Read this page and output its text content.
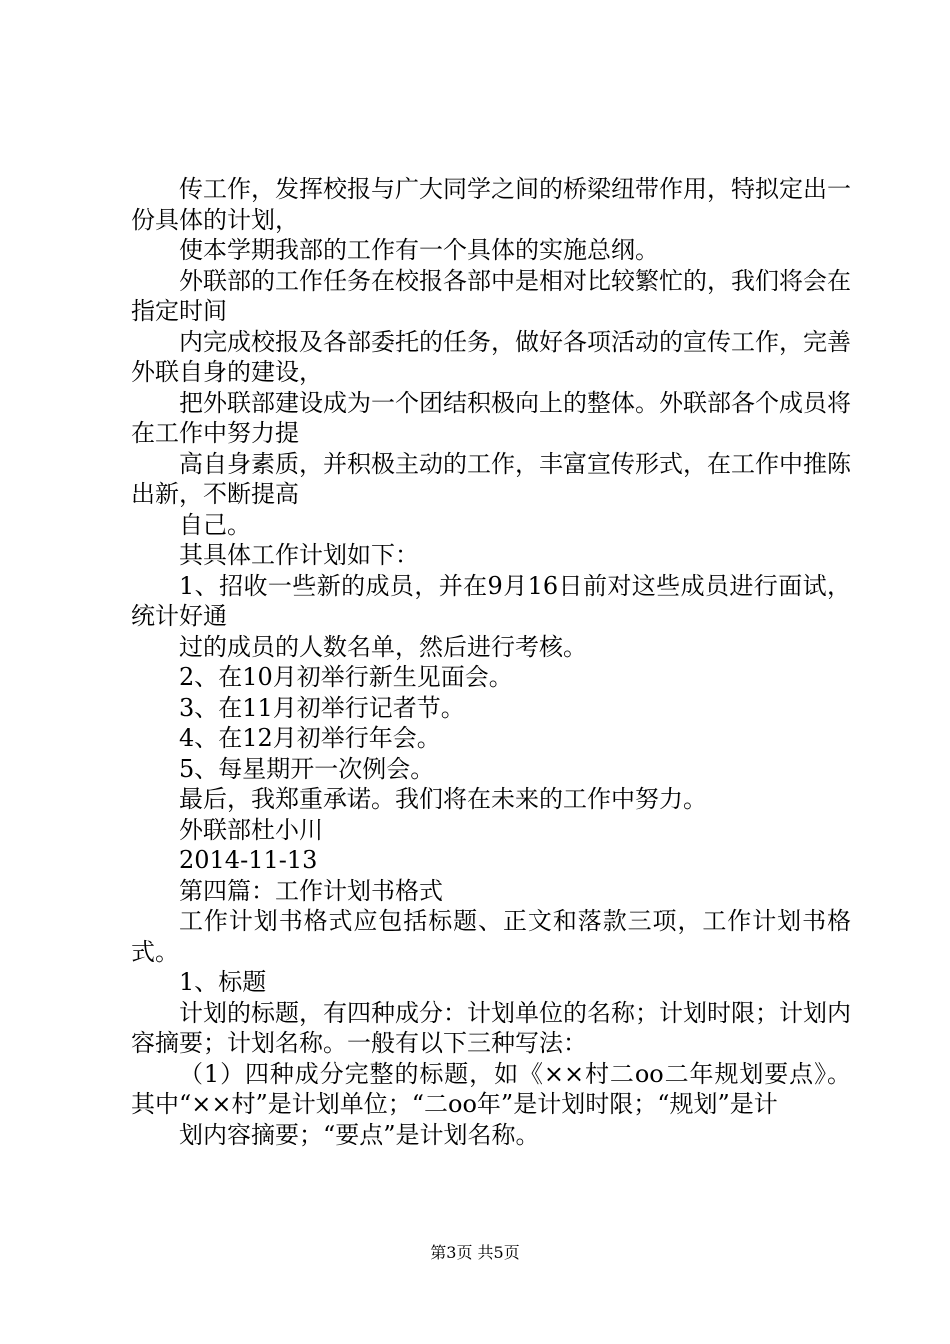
传工作，发挥校报与广大同学之间的桥梁纽带作用，特拟定出一份具体的计划，

使本学期我部的工作有一个具体的实施总纲。

外联部的工作任务在校报各部中是相对比较繁忙的，我们将会在指定时间

内完成校报及各部委托的任务，做好各项活动的宣传工作，完善外联自身的建设，

把外联部建设成为一个团结积极向上的整体。外联部各个成员将在工作中努力提

高自身素质，并积极主动的工作，丰富宣传形式，在工作中推陈出新，不断提高

自己。

其具体工作计划如下：

1、招收一些新的成员，并在9月16日前对这些成员进行面试，统计好通

过的成员的人数名单，然后进行考核。

2、在10月初举行新生见面会。

3、在11月初举行记者节。

4、在12月初举行年会。

5、每星期开一次例会。

最后，我郑重承诺。我们将在未来的工作中努力。

外联部杜小川

2014-11-13

第四篇：工作计划书格式

工作计划书格式应包括标题、正文和落款三项，工作计划书格式。

1、标题

计划的标题，有四种成分：计划单位的名称；计划时限；计划内容摘要；计划名称。一般有以下三种写法：

（1）四种成分完整的标题，如《××村二oo二年规划要点》。其中“××村”是计划单位；“二oo年”是计划时限；“规划”是计

划内容摘要；“要点”是计划名称。

第3页 共5页
